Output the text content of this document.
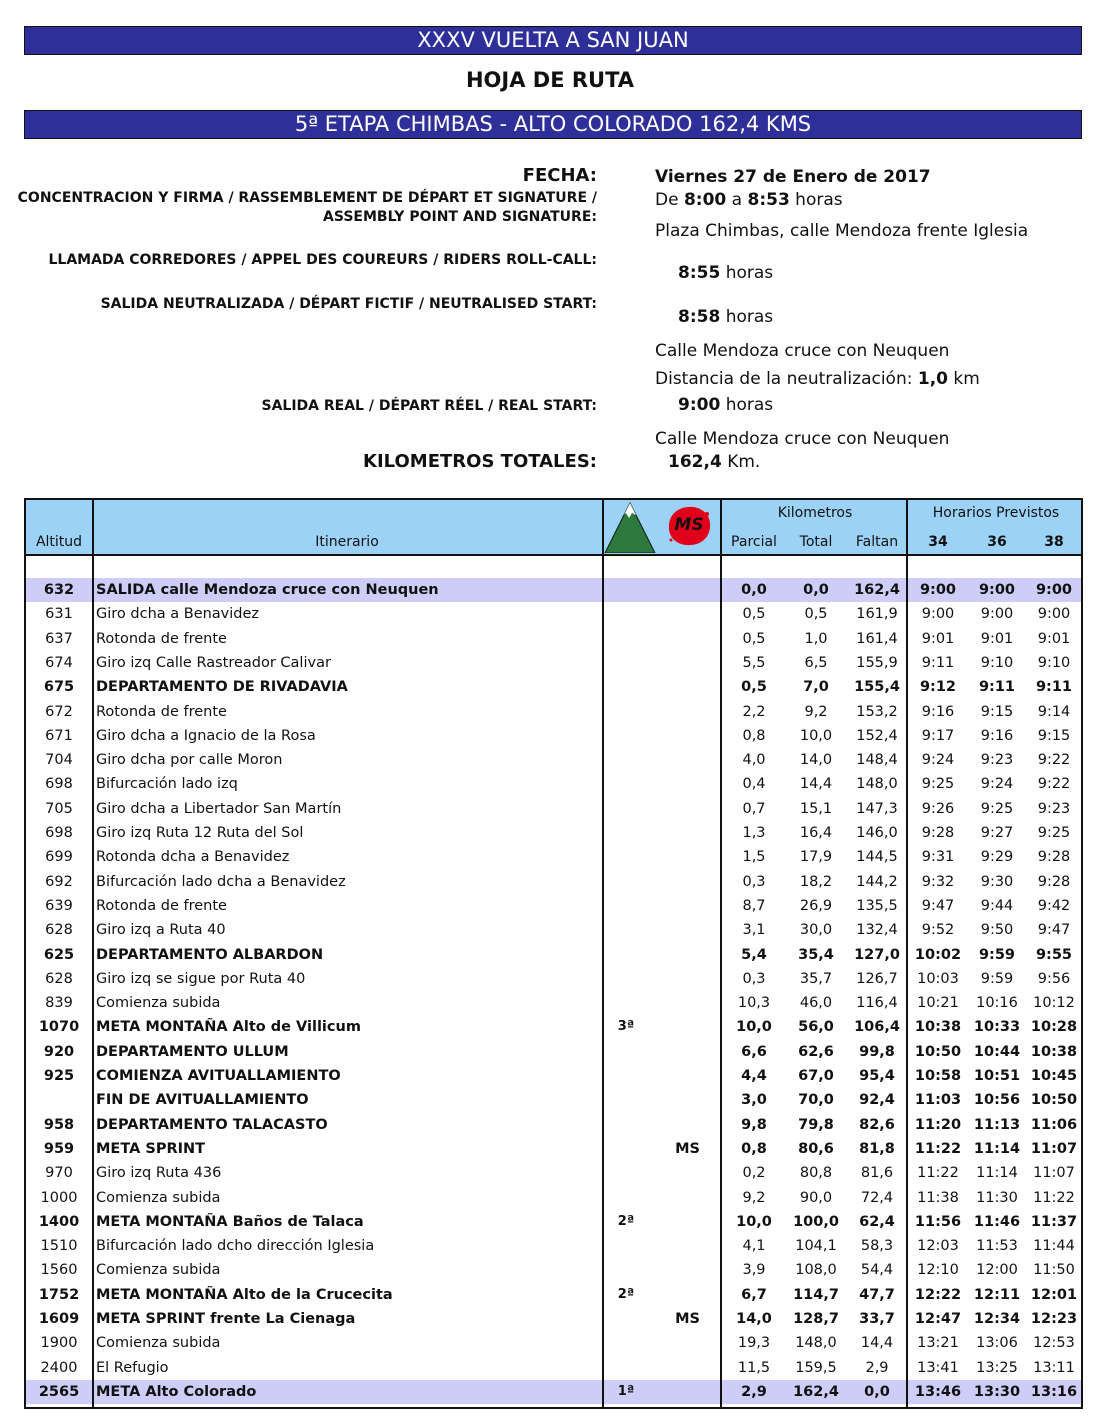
XXXV VUELTA A SAN JUAN
HOJA DE RUTA
5ª ETAPA CHIMBAS - ALTO COLORADO 162,4 KMS
FECHA:	Viernes 27 de Enero de 2017
CONCENTRACION Y FIRMA / RASSEMBLEMENT DE DÉPART ET SIGNATURE /
ASSEMBLY POINT AND SIGNATURE:
De 8:00 a 8:53 horas
Plaza Chimbas, calle Mendoza frente Iglesia
LLAMADA CORREDORES / APPEL DES COUREURS / RIDERS ROLL-CALL:
8:55 horas
SALIDA NEUTRALIZADA / DÉPART FICTIF / NEUTRALISED START:
8:58 horas
Calle Mendoza cruce con Neuquen
Distancia de la neutralización: 1,0 km
SALIDA REAL / DÉPART RÉEL / REAL START:	9:00 horas
Calle Mendoza cruce con Neuquen
KILOMETROS TOTALES:	162,4 Km.
Altitud	Itinerario
MS
Kilometros
Parcial	Total	Faltan
Horarios Previstos
34	36	38
632	SALIDA calle Mendoza cruce con Neuquen	0,0	0,0	162,4	9:00	9:00	9:00
631	Giro dcha a Benavidez	0,5	0,5	161,9	9:00	9:00	9:00
637	Rotonda de frente	0,5	1,0	161,4	9:01	9:01	9:01
674	Giro izq Calle Rastreador Calivar	5,5	6,5	155,9	9:11	9:10	9:10
675	DEPARTAMENTO DE RIVADAVIA	0,5	7,0	155,4	9:12	9:11	9:11
672	Rotonda de frente	2,2	9,2	153,2	9:16	9:15	9:14
671	Giro dcha a Ignacio de la Rosa	0,8	10,0	152,4	9:17	9:16	9:15
704	Giro dcha por calle Moron	4,0	14,0	148,4	9:24	9:23	9:22
698	Bifurcación lado izq	0,4	14,4	148,0	9:25	9:24	9:22
705	Giro dcha a Libertador San Martín	0,7	15,1	147,3	9:26	9:25	9:23
698	Giro izq Ruta 12 Ruta del Sol	1,3	16,4	146,0	9:28	9:27	9:25
699	Rotonda dcha a Benavidez	1,5	17,9	144,5	9:31	9:29	9:28
692	Bifurcación lado dcha a Benavidez	0,3	18,2	144,2	9:32	9:30	9:28
639	Rotonda de frente	8,7	26,9	135,5	9:47	9:44	9:42
628	Giro izq a Ruta 40	3,1	30,0	132,4	9:52	9:50	9:47
625	DEPARTAMENTO ALBARDON	5,4	35,4	127,0	10:02	9:59	9:55
628	Giro izq se sigue por Ruta 40	0,3	35,7	126,7	10:03	9:59	9:56
839	Comienza subida	10,3	46,0	116,4	10:21	10:16	10:12
1070	META MONTAÑA Alto de Villicum	3ª	10,0	56,0	106,4	10:38 10:33 10:28
920	DEPARTAMENTO ULLUM	6,6	62,6	99,8	10:50 10:44 10:38
925	COMIENZA AVITUALLAMIENTO	4,4	67,0	95,4	10:58 10:51 10:45
FIN DE AVITUALLAMIENTO	3,0	70,0	92,4	11:03 10:56 10:50
958	DEPARTAMENTO TALACASTO	9,8	79,8	82,6	11:20 11:13 11:06
959	META SPRINT	MS	0,8	80,6	81,8	11:22 11:14 11:07
970	Giro izq Ruta 436	0,2	80,8	81,6	11:22	11:14	11:07
1000	Comienza subida	9,2	90,0	72,4	11:38	11:30	11:22
1400	META MONTAÑA Baños de Talaca	2ª	10,0	100,0	62,4	11:56 11:46 11:37
1510	Bifurcación lado dcho dirección Iglesia	4,1	104,1	58,3	12:03	11:53	11:44
1560	Comienza subida	3,9	108,0	54,4	12:10	12:00	11:50
1752	META MONTAÑA Alto de la Crucecita	2ª	6,7	114,7	47,7	12:22 12:11 12:01
1609	META SPRINT frente La Cienaga	MS	14,0	128,7	33,7	12:47 12:34 12:23
1900	Comienza subida	19,3	148,0	14,4	13:21	13:06	12:53
2400	El Refugio	11,5	159,5	2,9	13:41	13:25	13:11
2565	META Alto Colorado	1ª	2,9	162,4	0,0	13:46 13:30 13:16
